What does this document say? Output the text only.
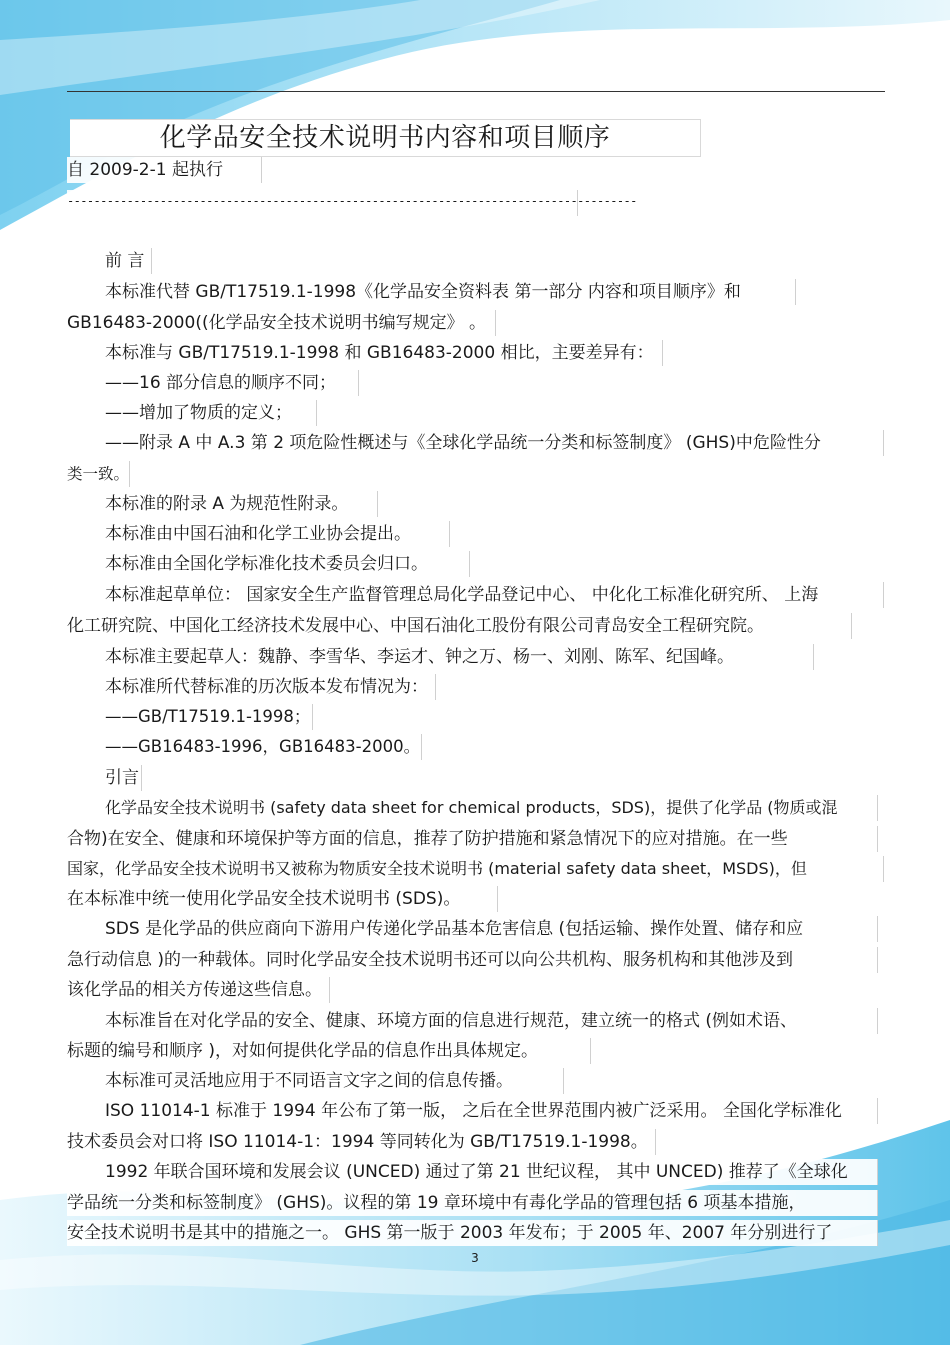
化学品安全技术说明书内容和项目顺序
自 2009-2-1 起执行
--------------------------------------------------------------------------------------
前 言
本标准代替 GB/T17519.1-1998《化学品安全资料表 第一部分 内容和项目顺序》和
GB16483-2000((化学品安全技术说明书编写规定》 。
本标准与 GB/T17519.1-1998 和 GB16483-2000 相比，主要差异有：
——16 部分信息的顺序不同；
——增加了物质的定义；
——附录 A 中 A.3 第 2 项危险性概述与《全球化学品统一分类和标签制度》 (GHS)中危险性分
类一致。
本标准的附录 A 为规范性附录。
本标准由中国石油和化学工业协会提出。
本标准由全国化学标准化技术委员会归口。
本标准起草单位： 国家安全生产监督管理总局化学品登记中心、 中化化工标准化研究所、 上海
化工研究院、中国化工经济技术发展中心、中国石油化工股份有限公司青岛安全工程研究院。
本标准主要起草人：魏静、李雪华、李运才、钟之万、杨一、刘刚、陈军、纪国峰。
本标准所代替标准的历次版本发布情况为：
——GB/T17519.1-1998；
——GB16483-1996，GB16483-2000。
引言
化学品安全技术说明书 (safety data sheet for chemical products，SDS)，提供了化学品 (物质或混
合物)在安全、健康和环境保护等方面的信息，推荐了防护措施和紧急情况下的应对措施。在一些
国家，化学品安全技术说明书又被称为物质安全技术说明书 (material safety data sheet，MSDS)，但
在本标准中统一使用化学品安全技术说明书 (SDS)。
SDS 是化学品的供应商向下游用户传递化学品基本危害信息 (包括运输、操作处置、储存和应
急行动信息 )的一种载体。同时化学品安全技术说明书还可以向公共机构、服务机构和其他涉及到
该化学品的相关方传递这些信息。
本标准旨在对化学品的安全、健康、环境方面的信息进行规范，建立统一的格式 (例如术语、
标题的编号和顺序 )，对如何提供化学品的信息作出具体规定。
本标准可灵活地应用于不同语言文字之间的信息传播。
ISO 11014-1 标准于 1994 年公布了第一版， 之后在全世界范围内被广泛采用。 全国化学标准化
技术委员会对口将 ISO 11014-1：1994 等同转化为 GB/T17519.1-1998。
1992 年联合国环境和发展会议 (UNCED) 通过了第 21 世纪议程， 其中 UNCED) 推荐了《全球化
学品统一分类和标签制度》 (GHS)。议程的第 19 章环境中有毒化学品的管理包括 6 项基本措施，
安全技术说明书是其中的措施之一。 GHS 第一版于 2003 年发布；于 2005 年、2007 年分别进行了
3
